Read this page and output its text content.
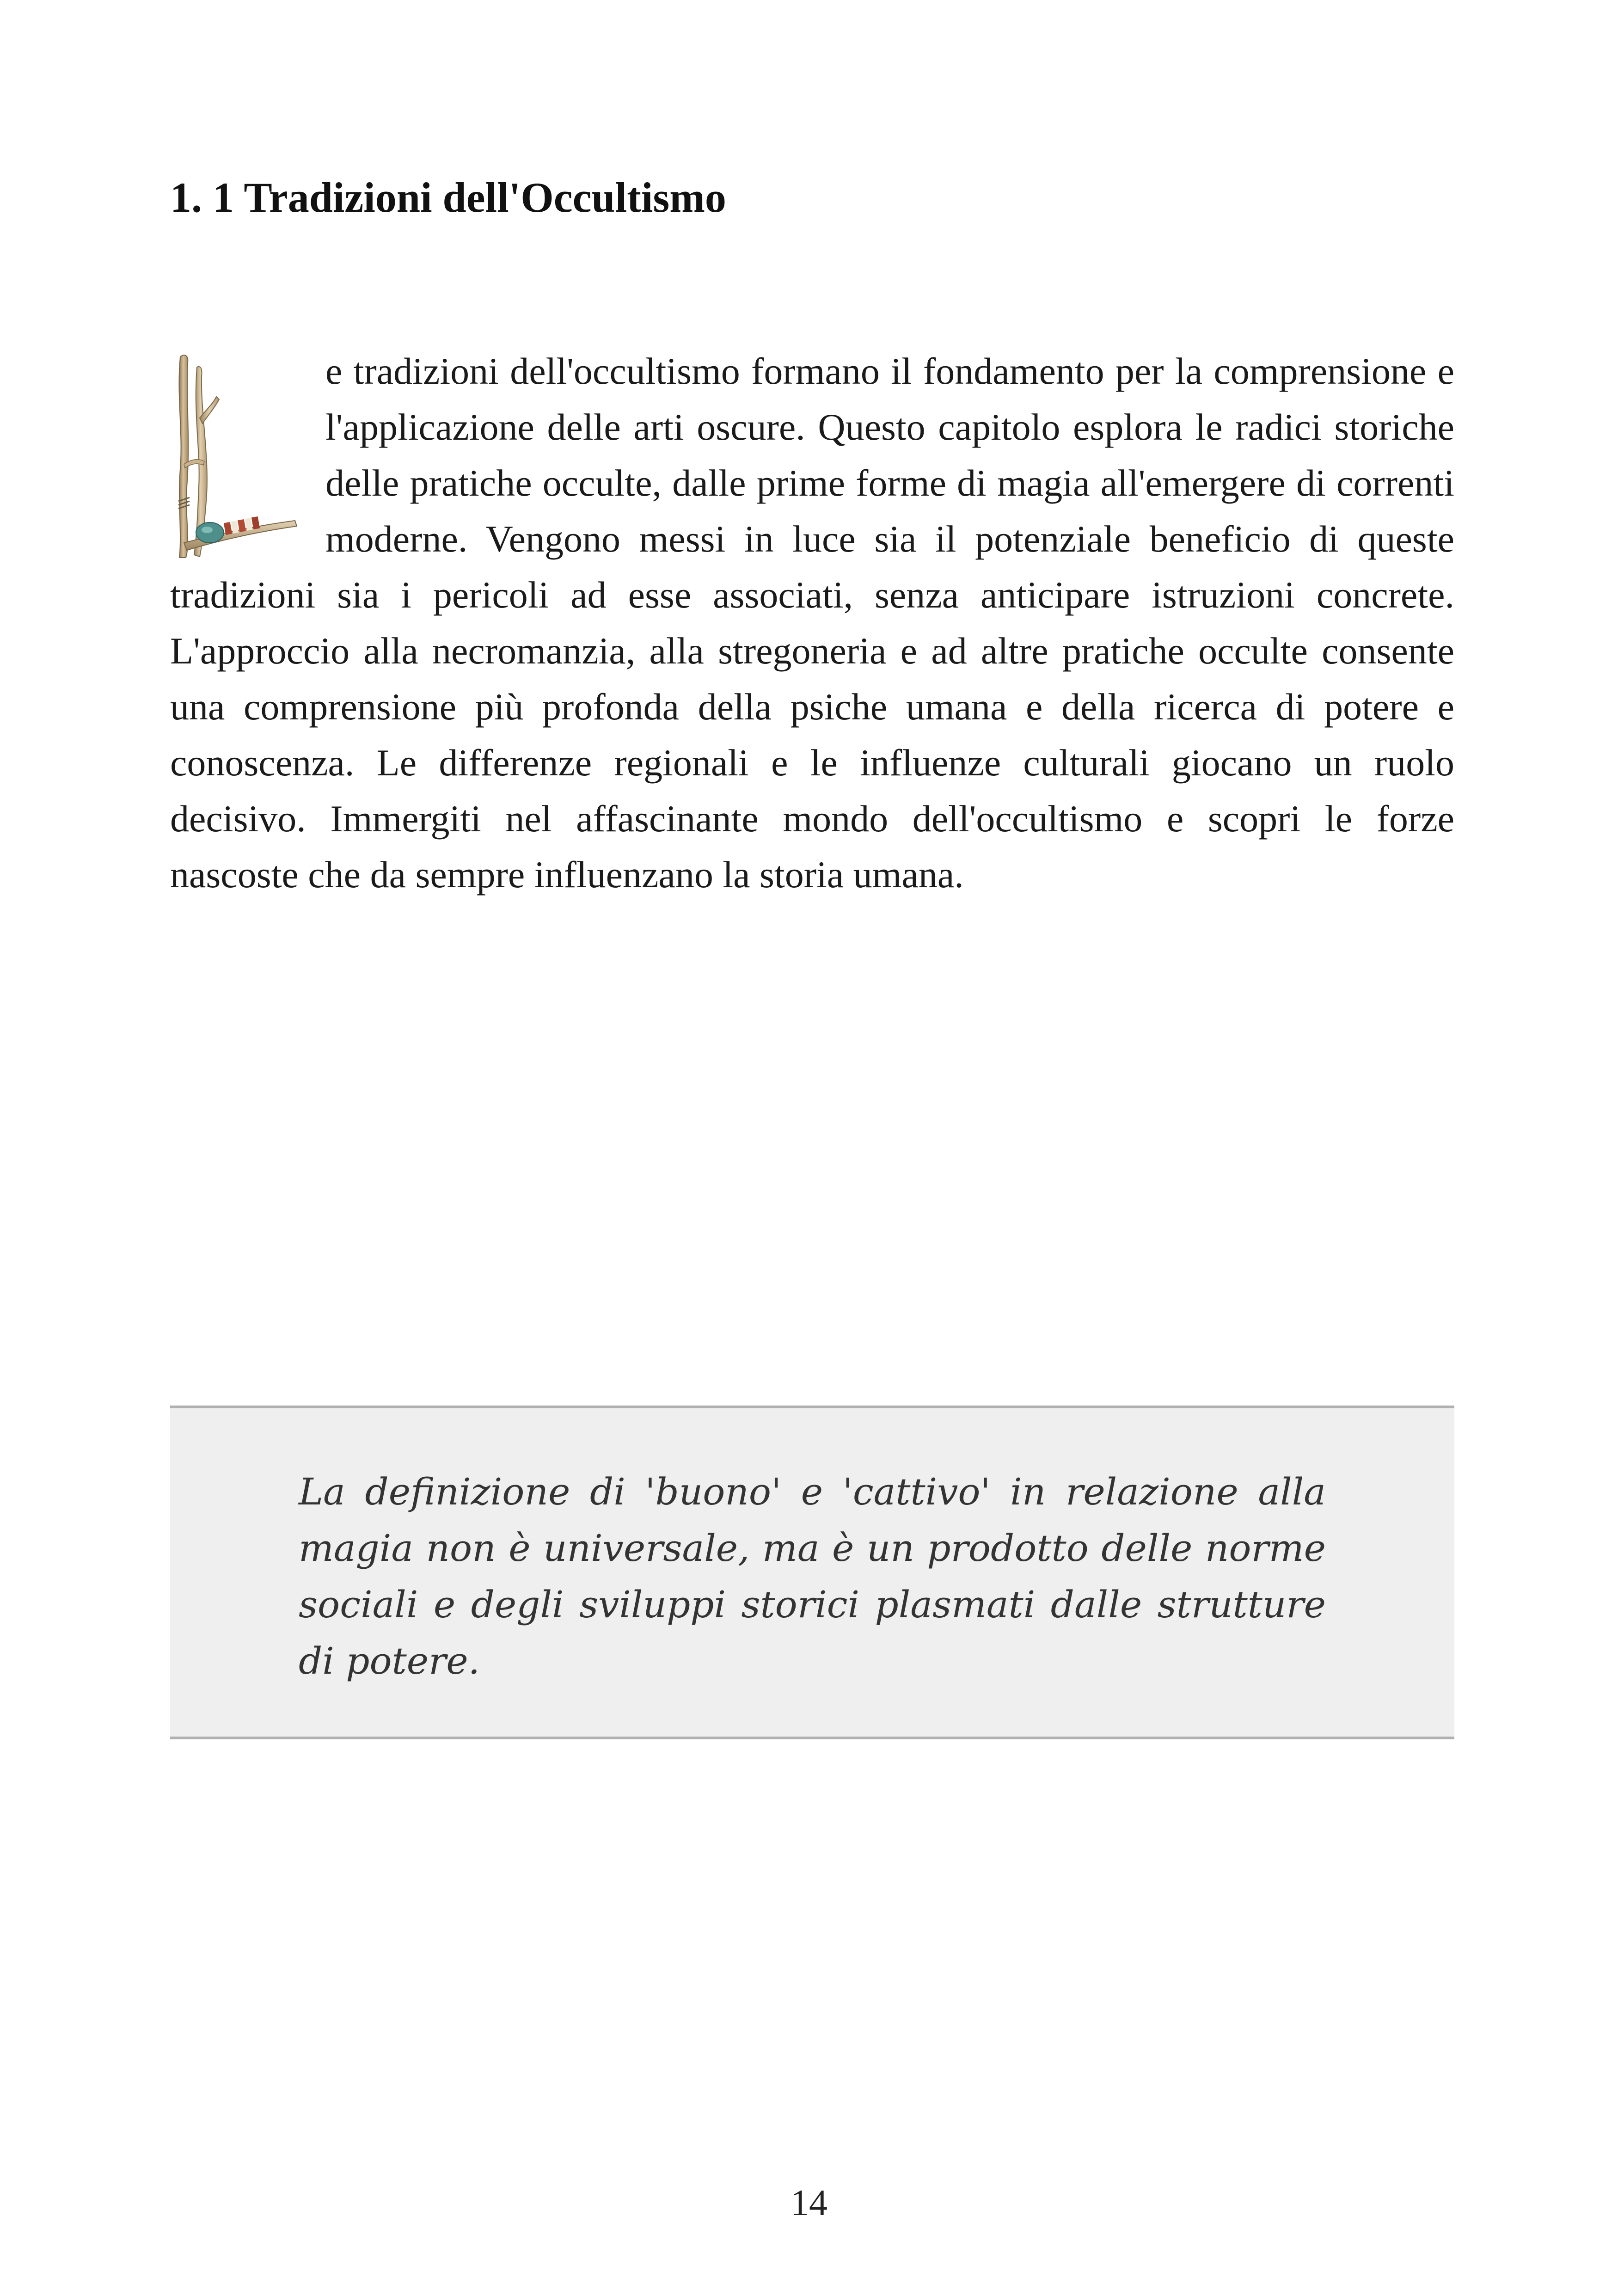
1. 1 Tradizioni dell'Occultismo

e tradizioni dell'occultismo formano il fondamento per la comprensione e l'applicazione delle arti oscure. Questo capitolo esplora le radici storiche delle pratiche occulte, dalle prime forme di magia all'emergere di correnti moderne. Vengono messi in luce sia il potenziale beneficio di queste tradizioni sia i pericoli ad esse associati, senza anticipare istruzioni concrete. L'approccio alla necromanzia, alla stregoneria e ad altre pratiche occulte consente una comprensione più profonda della psiche umana e della ricerca di potere e conoscenza. Le differenze regionali e le influenze culturali giocano un ruolo decisivo. Immergiti nel affascinante mondo dell'occultismo e scopri le forze nascoste che da sempre influenzano la storia umana.

La definizione di 'buono' e 'cattivo' in relazione alla magia non è universale, ma è un prodotto delle norme sociali e degli sviluppi storici plasmati dalle strutture di potere.

14
